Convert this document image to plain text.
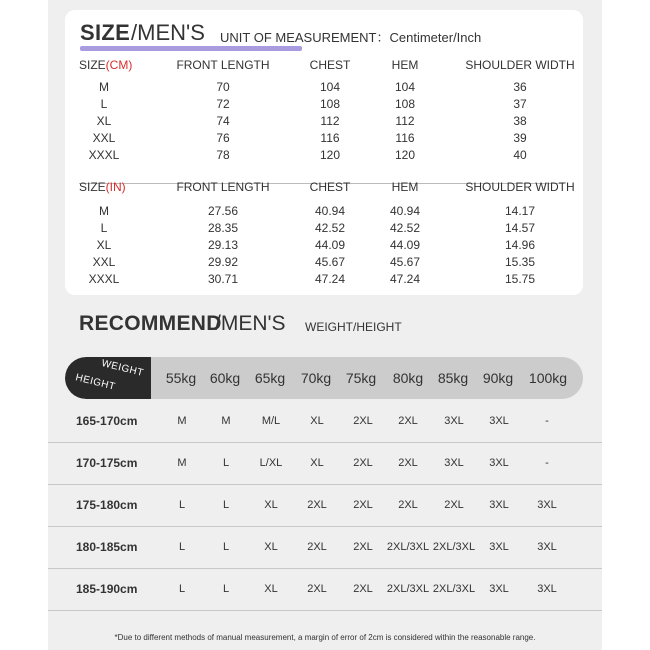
SIZE /MEN'S UNIT OF MEASUREMENT：Centimeter/Inch
SIZE(CM)	FRONT LENGTH	CHEST	HEM	SHOULDER WIDTH
M	70	104	104	36
L	72	108	108	37
XL	74	112	112	38
XXL	76	116	116	39
XXXL	78	120	120	40
SIZE(IN)	FRONT LENGTH	CHEST	HEM	SHOULDER WIDTH
M	27.56	40.94	40.94	14.17
L	28.35	42.52	42.52	14.57
XL	29.13	44.09	44.09	14.96
XXL	29.92	45.67	45.67	15.35
XXXL	30.71	47.24	47.24	15.75
RECOMMEND
/MEN'S WEIGHT/HEIGHT
WEIGHT
HEIGHT	55kg 60kg	65kg	70kg	75kg	80kg	85kg	90kg	100kg
165-170cm	M	M	M/L	XL	2XL	2XL	3XL	3XL	-
170-175cm	M	L	L/XL	XL	2XL	2XL	3XL	3XL	-
175-180cm	L	L	XL	2XL	2XL	2XL	2XL	3XL	3XL
180-185cm	L	L	XL	2XL	2XL	2XL/3XL 2XL/3XL	3XL	3XL
185-190cm	L	L	XL	2XL	2XL	2XL/3XL 2XL/3XL	3XL	3XL
*Due to different methods of manual measurement, a margin of error of 2cm is considered within the reasonable range.
